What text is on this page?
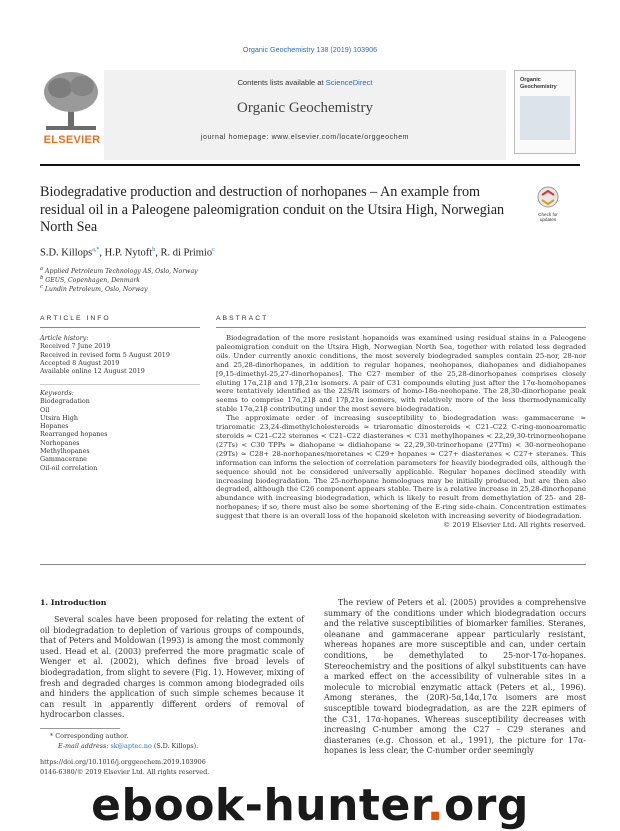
Organic Geochemistry 138 (2019) 103906
ELSEVIER
Contents lists available at ScienceDirect
Organic Geochemistry
journal homepage: www.elsevier.com/locate/orggeochem
Organic Geochemistry
Biodegradative production and destruction of norhopanes – An example from residual oil in a Paleogene paleomigration conduit on the Utsira High, Norwegian North Sea
Check for
updates
S.D. Killops$^{a,*}$, H.P. Nytoft$^b$, R. di Primio$^c$
$^a$ Applied Petroleum Technology AS, Oslo, Norway
$^b$ GEUS, Copenhagen, Denmark
$^c$ Lundin Petroleum, Oslo, Norway
ARTICLE INFO
Article history:
Received 7 June 2019
Received in revised form 5 August 2019
Accepted 8 August 2019
Available online 12 August 2019
Keywords:
Biodegradation
Oil
Utsira High
Hopanes
Rearranged hopanes
Norhopanes
Methylhopanes
Gammacerane
Oil-oil correlation
ABSTRACT

Biodegradation of the more resistant hopanoids was examined using residual stains in a Paleogene paleomigration conduit on the Utsira High, Norwegian North Sea, together with related less degraded oils. Under currently anoxic conditions, the most severely biodegraded samples contain 25-nor, 28-nor and 25,28-dinorhopanes, in addition to regular hopanes, neohopanes, diahopanes and didiahopanes [9,15-dimethyl-25,27-dinorhopanes]. The C27 member of the 25,28-dinorhopanes comprises closely eluting 17α,21β and 17β,21α isomers. A pair of C31 compounds eluting just after the 17α-homohopanes were tentatively identified as the 22S/R isomers of homo-18α-neohopane. The 28,30-dinorhopane peak seems to comprise 17α,21β and 17β,21α isomers, with relatively more of the less thermodynamically stable 17α,21β contributing under the most severe biodegradation.

The approximate order of increasing susceptibility to biodegradation was: gammacerane ≈ triaromatic 23,24-dimethylcholesteroids ≈ triaromatic dinosteroids < C21–C22 C-ring-monoaromatic steroids ≈ C21–C22 steranes < C21–C22 diasteranes < C31 methylhopanes < 22,29,30-trinorneohopane (27Ts) < C30 TPPs ≈ diahopane ≈ didiahopane ≈ 22,29,30-trinorhopane (27Tm) < 30-norneohopane (29Ts) ≈ C28+ 28-norhopanes/moretanes < C29+ hopanes ≈ C27+ diasteranes < C27+ steranes. This information can inform the selection of correlation parameters for heavily biodegraded oils, although the sequence should not be considered universally applicable. Regular hopanes declined steadily with increasing biodegradation. The 25-norhopane homologues may be initially produced, but are then also degraded, although the C26 component appears stable. There is a relative increase in 25,28-dinorhopane abundance with increasing biodegradation, which is likely to result from demethylation of 25- and 28-norhopanes; if so, there must also be some shortening of the E-ring side-chain. Concentration estimates suggest that there is an overall loss of the hopanoid skeleton with increasing severity of biodegradation.

© 2019 Elsevier Ltd. All rights reserved.
1. Introduction

Several scales have been proposed for relating the extent of oil biodegradation to depletion of various groups of compounds, that of Peters and Moldowan (1993) is among the most commonly used. Head et al. (2003) preferred the more pragmatic scale of Wenger et al. (2002), which defines five broad levels of biodegradation, from slight to severe (Fig. 1). However, mixing of fresh and degraded charges is common among biodegraded oils and hinders the application of such simple schemes because it can result in apparently different orders of removal of hydrocarbon classes.

The review of Peters et al. (2005) provides a comprehensive summary of the conditions under which biodegradation occurs and the relative susceptibilities of biomarker families. Steranes, oleanane and gammacerane appear particularly resistant, whereas hopanes are more susceptible and can, under certain conditions, be demethylated to 25-nor-17α-hopanes. Stereochemistry and the positions of alkyl substituents can have a marked effect on the accessibility of vulnerable sites in a molecule to microbial enzymatic attack (Peters et al., 1996). Among steranes, the (20R)-5α,14α,17α isomers are most susceptible toward biodegradation, as are the 22R epimers of the C31, 17α-hopanes. Whereas susceptibility decreases with increasing C-number among the C27 – C29 steranes and diasteranes (e.g. Chosson et al., 1991), the picture for 17α-hopanes is less clear, the C-number order seemingly

* Corresponding author.
E-mail address: sk@aptec.no (S.D. Killops).
https://doi.org/10.1016/j.orggeochem.2019.103906
0146-6380/© 2019 Elsevier Ltd. All rights reserved.
ebook-hunter.org
